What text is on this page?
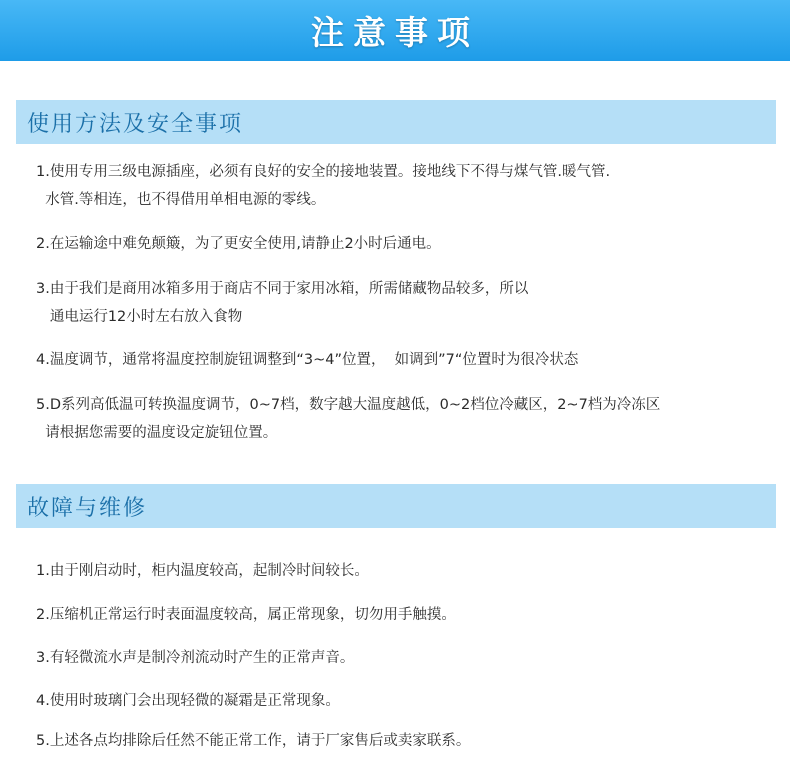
注意事项
使用方法及安全事项
1.使用专用三级电源插座，必须有良好的安全的接地装置。接地线下不得与煤气管.暖气管.
水管.等相连，也不得借用单相电源的零线。
2.在运输途中难免颠簸，为了更安全使用,请静止2小时后通电。
3.由于我们是商用冰箱多用于商店不同于家用冰箱，所需储藏物品较多，所以
通电运行12小时左右放入食物
4.温度调节，通常将温度控制旋钮调整到“3~4”位置，  如调到”7“位置时为很冷状态
5.D系列高低温可转换温度调节，0~7档，数字越大温度越低，0~2档位冷藏区，2~7档为冷冻区
请根据您需要的温度设定旋钮位置。
故障与维修
1.由于刚启动时，柜内温度较高，起制冷时间较长。
2.压缩机正常运行时表面温度较高，属正常现象，切勿用手触摸。
3.有轻微流水声是制冷剂流动时产生的正常声音。
4.使用时玻璃门会出现轻微的凝霜是正常现象。
5.上述各点均排除后任然不能正常工作，请于厂家售后或卖家联系。
